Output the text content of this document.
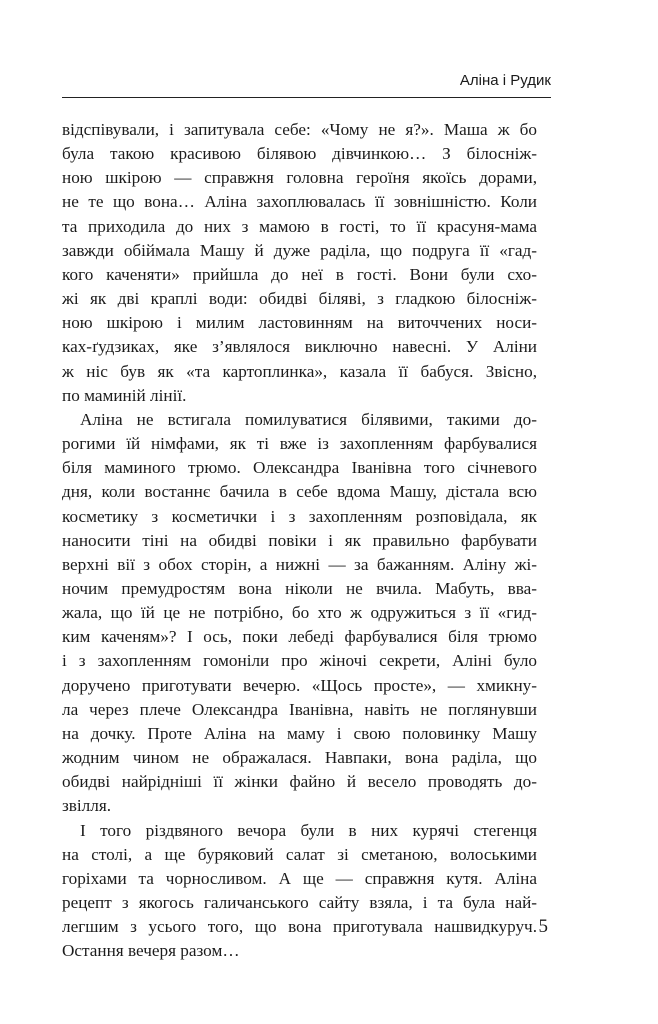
Аліна і Рудик
відспівували, і запитувала себе: «Чому не я?». Маша ж бо
була такою красивою білявою дівчинкою… З білосніж-
ною шкірою — справжня головна героїня якоїсь дорами,
не те що вона… Аліна захоплювалась її зовнішністю. Коли
та приходила до них з мамою в гості, то її красуня-мама
завжди обіймала Машу й дуже раділа, що подруга її «гад-
кого каченяти» прийшла до неї в гості. Вони були схо-
жі як дві краплі води: обидві біляві, з гладкою білосніж-
ною шкірою і милим ластовинням на виточчених носи-
ках-ґудзиках, яке з’являлося виключно навесні. У Аліни
ж ніс був як «та картоплинка», казала її бабуся. Звісно,
по маминій лінії.
Аліна не встигала помилуватися білявими, такими до-
рогими їй німфами, як ті вже із захопленням фарбувалися
біля маминого трюмо. Олександра Іванівна того січневого
дня, коли востаннє бачила в себе вдома Машу, дістала всю
косметику з косметички і з захопленням розповідала, як
наносити тіні на обидві повіки і як правильно фарбувати
верхні вії з обох сторін, а нижні — за бажанням. Аліну жі-
ночим премудростям вона ніколи не вчила. Мабуть, вва-
жала, що їй це не потрібно, бо хто ж одружиться з її «гид-
ким каченям»? І ось, поки лебеді фарбувалися біля трюмо
і з захопленням гомоніли про жіночі секрети, Аліні було
доручено приготувати вечерю. «Щось просте», — хмикну-
ла через плече Олександра Іванівна, навіть не поглянувши
на дочку. Проте Аліна на маму і свою половинку Машу
жодним чином не ображалася. Навпаки, вона раділа, що
обидві найрідніші її жінки файно й весело проводять до-
звілля.
І того різдвяного вечора були в них курячі стегенця
на столі, а ще буряковий салат зі сметаною, волоськими
горіхами та чорносливом. А ще — справжня кутя. Аліна
рецепт з якогось галичанського сайту взяла, і та була най-
легшим з усього того, що вона приготувала нашвидкуруч.
Остання вечеря разом…
5
